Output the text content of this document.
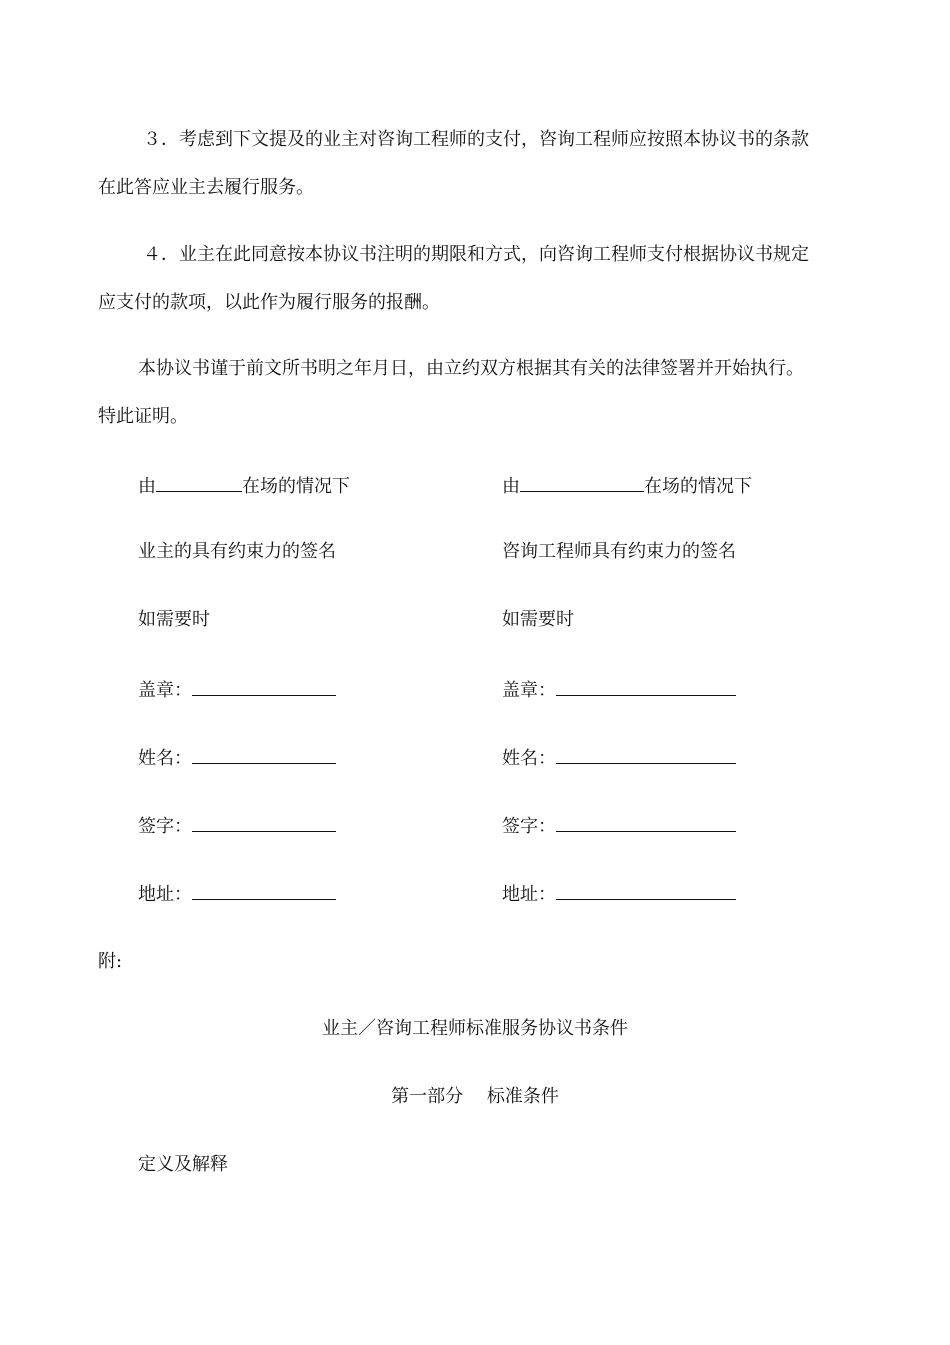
３．考虑到下文提及的业主对咨询工程师的支付，咨询工程师应按照本协议书的条款
在此答应业主去履行服务。
４．业主在此同意按本协议书注明的期限和方式，向咨询工程师支付根据协议书规定
应支付的款项，以此作为履行服务的报酬。
本协议书谨于前文所书明之年月日，由立约双方根据其有关的法律签署并开始执行。
特此证明。
由	在场的情况下
业主的具有约束力的签名
如需要时
盖章：
姓名：
签字：
地址：
由	在场的情况下
咨询工程师具有约束力的签名
如需要时
盖章：
姓名：
签字：
地址：
附:
业主／咨询工程师标准服务协议书条件
第一部分　 标准条件
定义及解释
